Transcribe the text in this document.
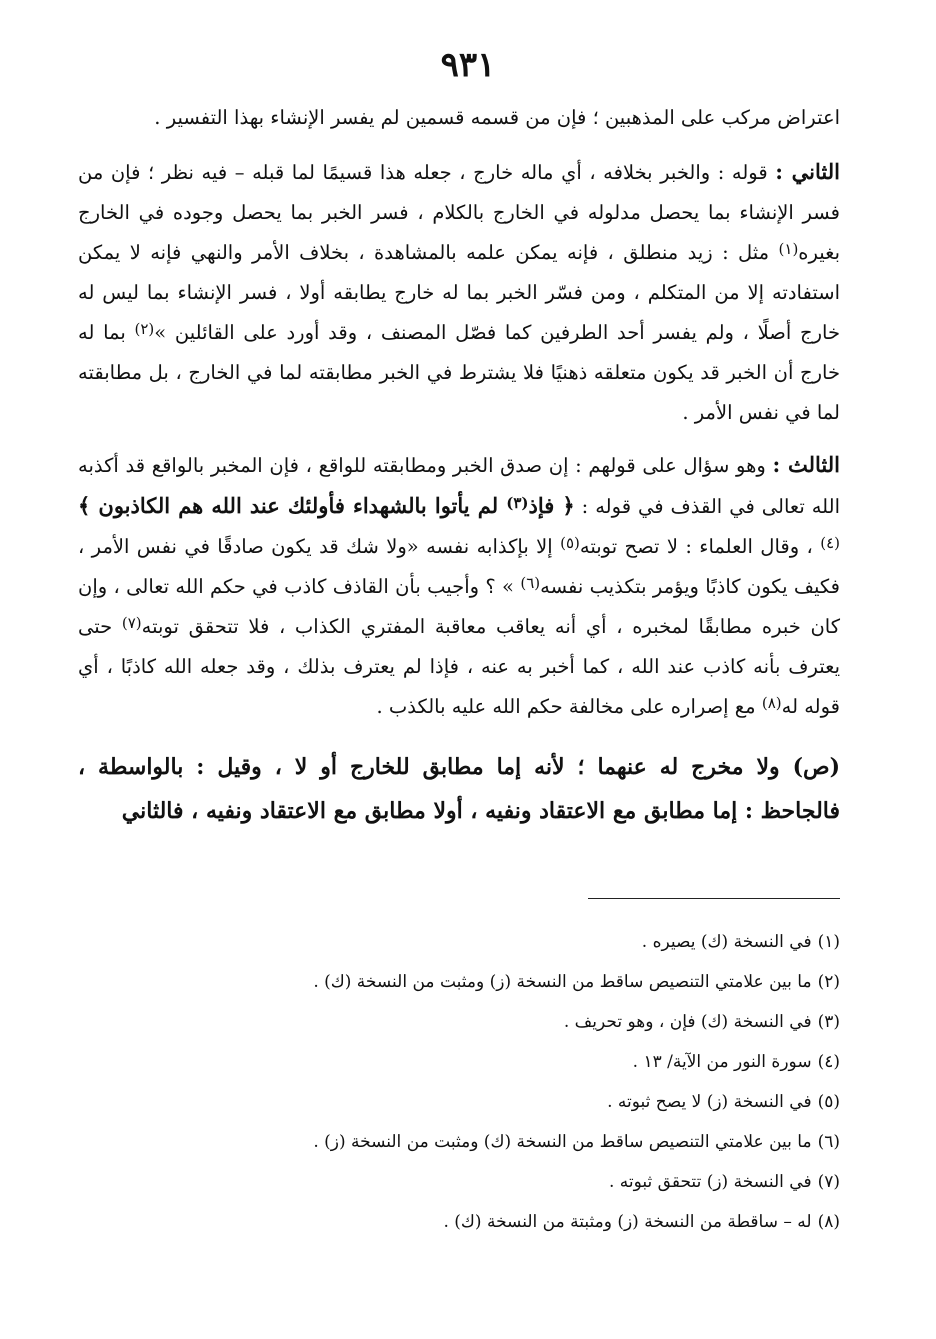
٩٣١

اعتراض مركب على المذهبين ؛ فإن من قسمه قسمين لم يفسر الإنشاء بهذا التفسير .

الثاني : قوله : والخبر بخلافه ، أي ماله خارج ، جعله هذا قسيمًا لما قبله – فيه نظر ؛ فإن من فسر الإنشاء بما يحصل مدلوله في الخارج بالكلام ، فسر الخبر بما يحصل وجوده في الخارج بغيره$^{(١)}$ مثل : زيد منطلق ، فإنه يمكن علمه بالمشاهدة ، بخلاف الأمر والنهي فإنه لا يمكن استفادته إلا من المتكلم ، ومن فسّر الخبر بما له خارج يطابقه أولا ، فسر الإنشاء بما ليس له خارج أصلًا ، ولم يفسر أحد الطرفين كما فصّل المصنف ، وقد أورد على القائلين »$^{(٢)}$ بما له خارج أن الخبر قد يكون متعلقه ذهنيًا فلا يشترط في الخبر مطابقته لما في الخارج ، بل مطابقته لما في نفس الأمر .

الثالث : وهو سؤال على قولهم : إن صدق الخبر ومطابقته للواقع ، فإن المخبر بالواقع قد أكذبه الله تعالى في القذف في قوله : ﴿ فإذ$^{(٣)}$ لم يأتوا بالشهداء فأولئك عند الله هم الكاذبون ﴾$^{(٤)}$ ، وقال العلماء : لا تصح توبته$^{(٥)}$ إلا بإكذابه نفسه «ولا شك قد يكون صادقًا في نفس الأمر ، فكيف يكون كاذبًا ويؤمر بتكذيب نفسه$^{(٦)}$ » ؟ وأجيب بأن القاذف كاذب في حكم الله تعالى ، وإن كان خبره مطابقًا لمخبره ، أي أنه يعاقب معاقبة المفتري الكذاب ، فلا تتحقق توبته$^{(٧)}$ حتى يعترف بأنه كاذب عند الله ، كما أخبر به عنه ، فإذا لم يعترف بذلك ، وقد جعله الله كاذبًا ، أي قوله له$^{(٨)}$ مع إصراره على مخالفة حكم الله عليه بالكذب .

(ص) ولا مخرج له عنهما ؛ لأنه إما مطابق للخارج أو لا ، وقيل : بالواسطة ، فالجاحظ : إما مطابق مع الاعتقاد ونفيه ، أولا مطابق مع الاعتقاد ونفيه ، فالثاني

(١)في النسخة (ك) يصيره .

(٢)ما بين علامتي التنصيص ساقط من النسخة (ز) ومثبت من النسخة (ك) .

(٣)في النسخة (ك) فإن ، وهو تحريف .

(٤)سورة النور من الآية/ ١٣ .

(٥)في النسخة (ز) لا يصح ثبوته .

(٦)ما بين علامتي التنصيص ساقط من النسخة (ك) ومثبت من النسخة (ز) .

(٧)في النسخة (ز) تتحقق ثبوته .

(٨)له – ساقطة من النسخة (ز) ومثبتة من النسخة (ك) .
